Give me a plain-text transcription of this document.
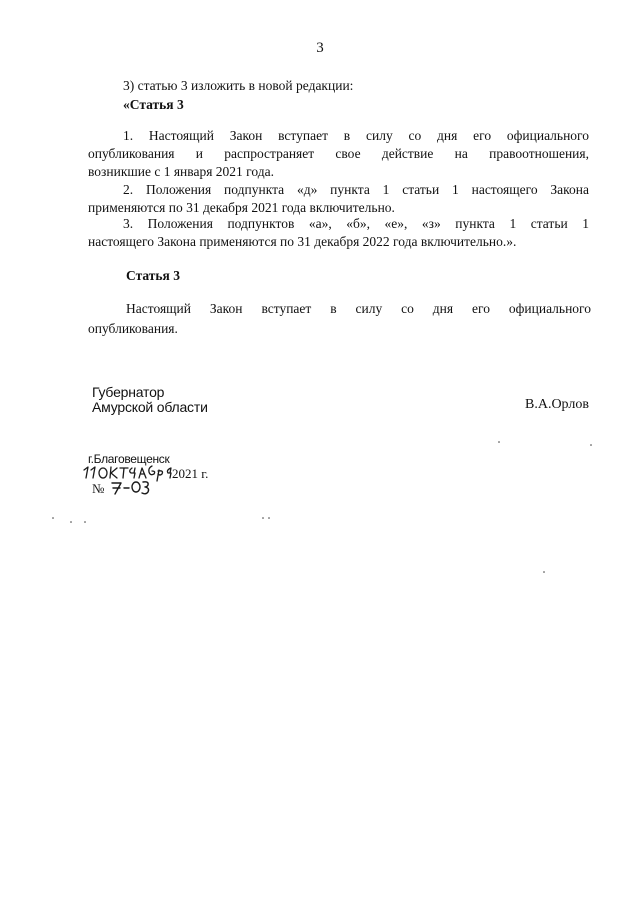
3
3) статью 3 изложить в новой редакции:
«Статья 3
1. Настоящий Закон вступает в силу со дня его официального
опубликования и распространяет свое действие на правоотношения,
возникшие с 1 января 2021 года.
2. Положения подпункта «д» пункта 1 статьи 1 настоящего Закона
применяются по 31 декабря 2021 года включительно.
3. Положения подпунктов «а», «б», «е», «з» пункта 1 статьи 1
настоящего Закона применяются по 31 декабря 2022 года включительно.».
Статья 3
Настоящий Закон вступает в силу со дня его официального
опубликования.
Губернатор
Амурской области	В.А.Орлов
г.Благовещенск
2021 г.
№
